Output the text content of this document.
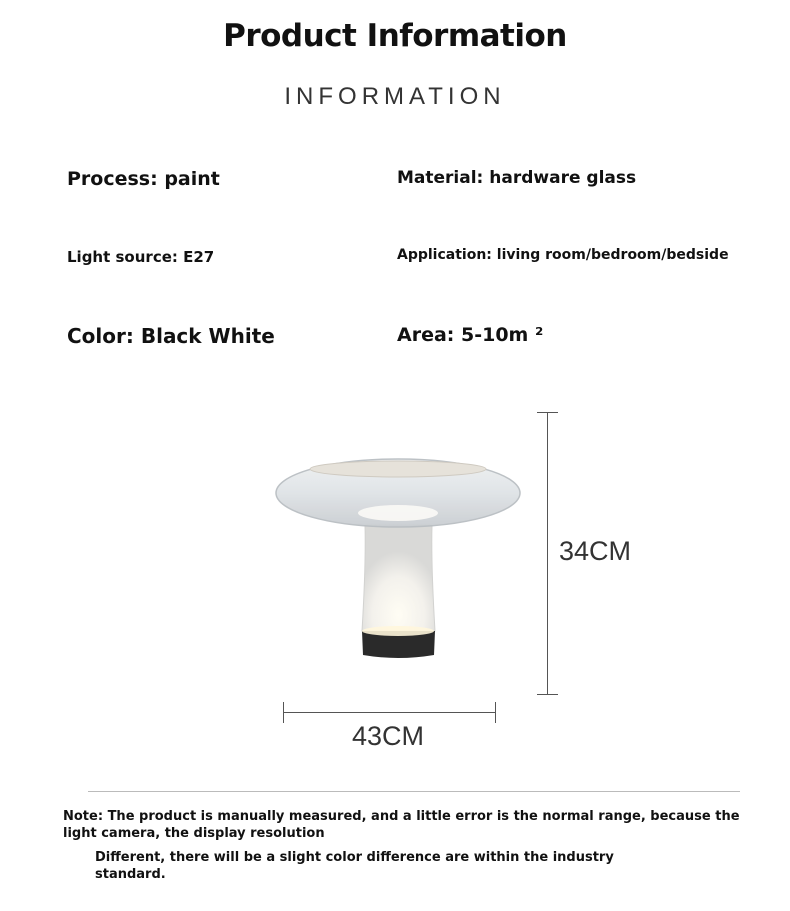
Product Information
INFORMATION
Process: paint	Material: hardware glass
Light source: E27	Application: living room/bedroom/bedside
Color: Black White	Area: 5-10m ²
34CM
43CM
Note: The product is manually measured, and a little error is the normal range, because the light camera, the display resolution
Different, there will be a slight color difference are within the industry standard.
